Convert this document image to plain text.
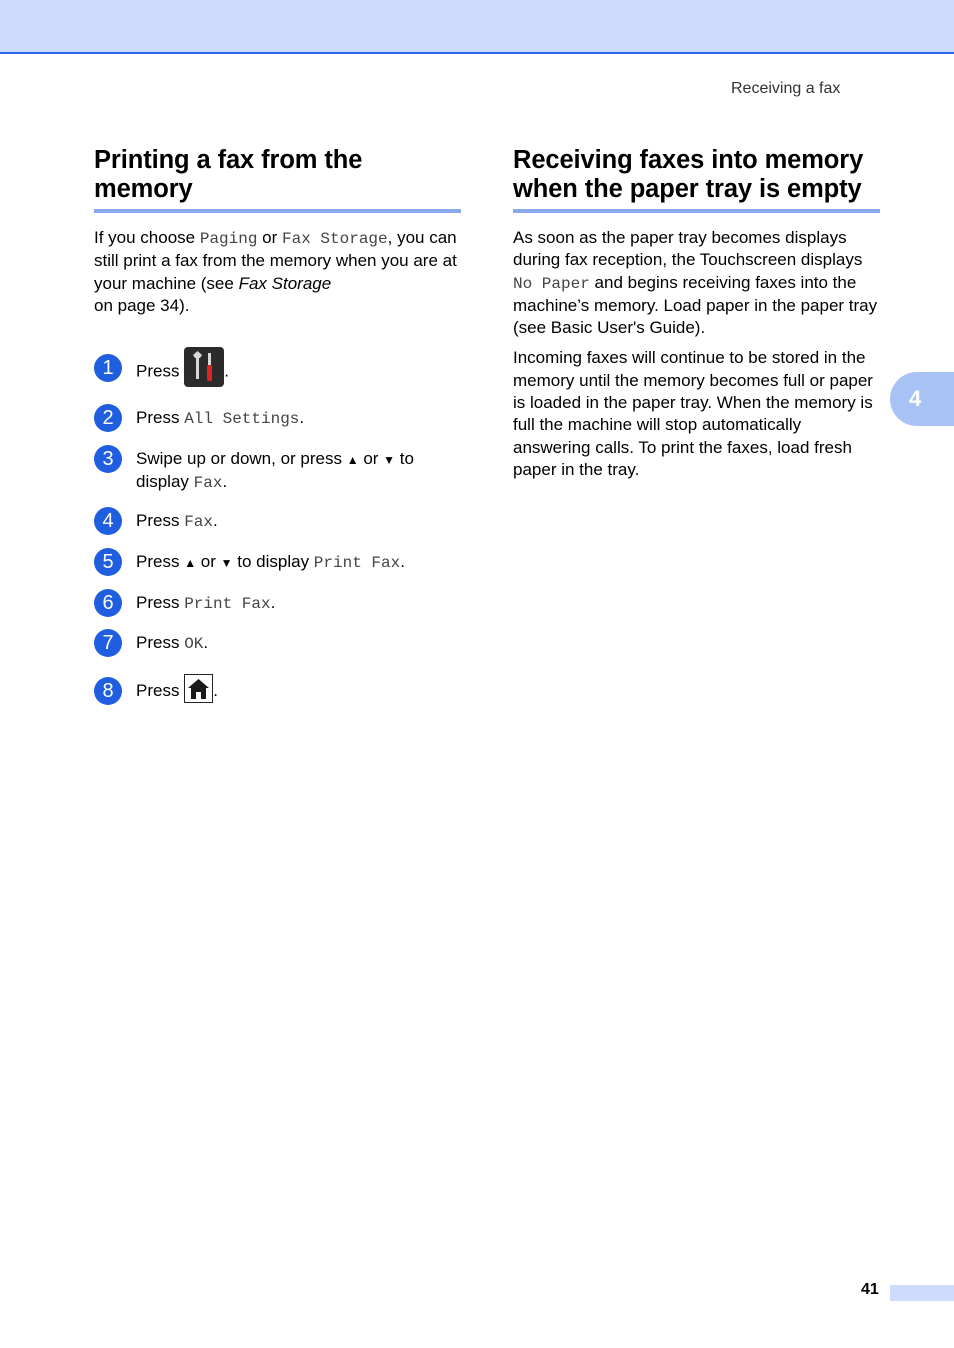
Receiving a fax
Printing a fax from the
memory

If you choose Paging or Fax Storage, you can still print a fax from the memory when you are at your machine (see Fax Storage
on page 34).

1	Press .
2	Press All Settings.
3	Swipe up or down, or press ▲ or ▼ to display Fax.
4	Press Fax.
5	Press ▲ or ▼ to display Print Fax.
6	Press Print Fax.
7	Press OK.
8	Press .
Receiving faxes into memory
when the paper tray is empty

As soon as the paper tray becomes displays during fax reception, the Touchscreen displays No Paper and begins receiving faxes into the machine’s memory. Load paper in the paper tray (see Basic User's Guide).

Incoming faxes will continue to be stored in the memory until the memory becomes full or paper is loaded in the paper tray. When the memory is full the machine will stop automatically answering calls. To print the faxes, load fresh paper in the tray.

4
41
